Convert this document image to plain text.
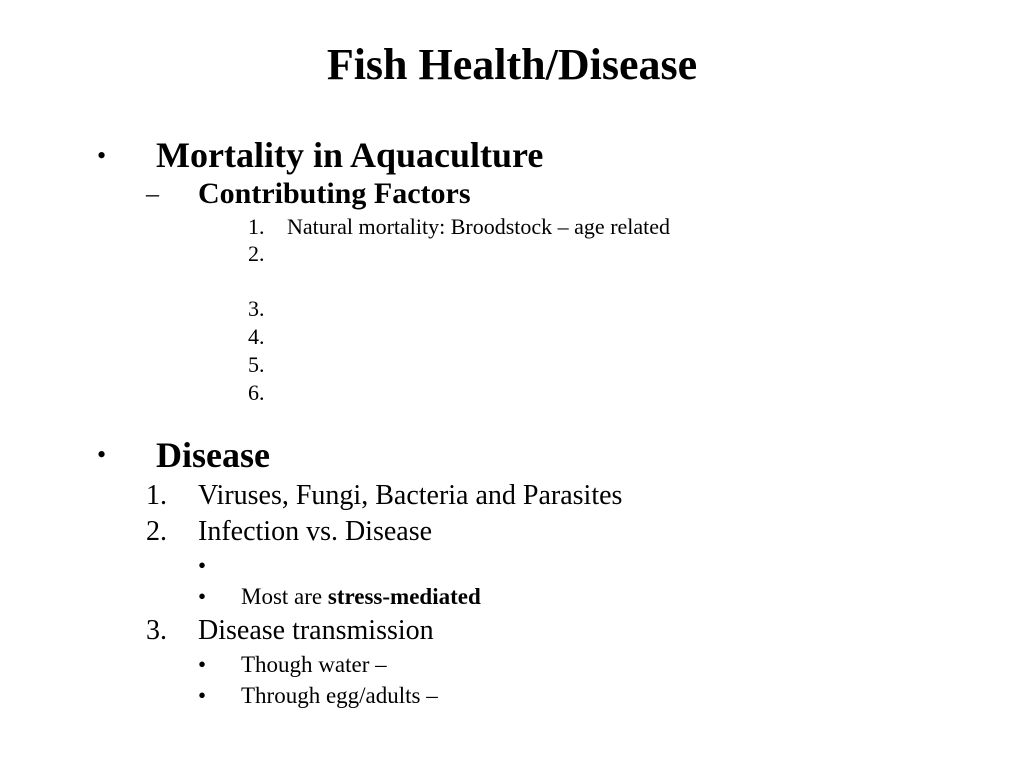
Fish Health/Disease
• Mortality in Aquaculture
– Contributing Factors
1. Natural mortality: Broodstock – age related
2.
3.
4.
5.
6.
• Disease
1. Viruses, Fungi, Bacteria and Parasites
2. Infection vs. Disease
•
• Most are stress-mediated
3. Disease transmission
• Though water –
• Through egg/adults –
